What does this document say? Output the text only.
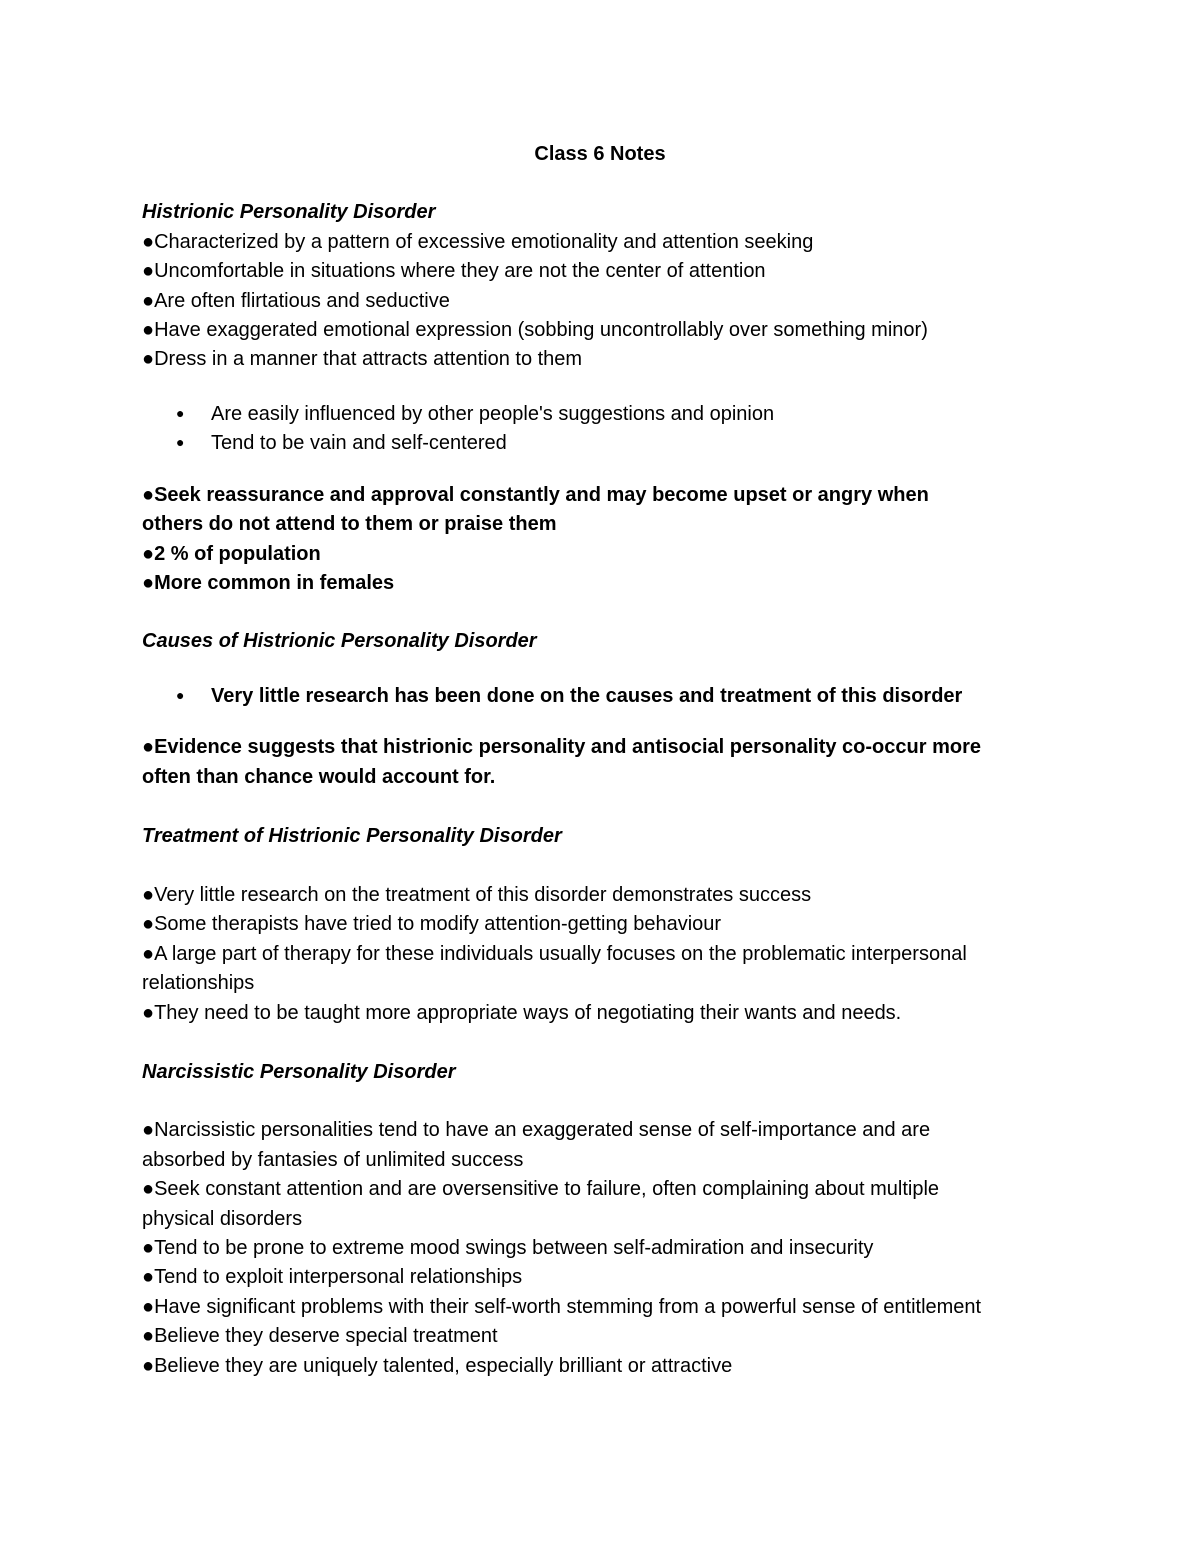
Class 6 Notes
Histrionic Personality Disorder
●Characterized by a pattern of excessive emotionality and attention seeking
●Uncomfortable in situations where they are not the center of attention
●Are often flirtatious and seductive
●Have exaggerated emotional expression (sobbing uncontrollably over something minor)
●Dress in a manner that attracts attention to them
● Are easily influenced by other people's suggestions and opinion
● Tend to be vain and self-centered
●Seek reassurance and approval constantly and may become upset or angry when
others do not attend to them or praise them
●2 % of population
●More common in females
Causes of Histrionic Personality Disorder
● Very little research has been done on the causes and treatment of this disorder
●Evidence suggests that histrionic personality and antisocial personality co-occur more
often than chance would account for.
Treatment of Histrionic Personality Disorder
●Very little research on the treatment of this disorder demonstrates success
●Some therapists have tried to modify attention-getting behaviour
●A large part of therapy for these individuals usually focuses on the problematic interpersonal
relationships
●They need to be taught more appropriate ways of negotiating their wants and needs.
Narcissistic Personality Disorder
●Narcissistic personalities tend to have an exaggerated sense of self-importance and are
absorbed by fantasies of unlimited success
●Seek constant attention and are oversensitive to failure, often complaining about multiple
physical disorders
●Tend to be prone to extreme mood swings between self-admiration and insecurity
●Tend to exploit interpersonal relationships
●Have significant problems with their self-worth stemming from a powerful sense of entitlement
●Believe they deserve special treatment
●Believe they are uniquely talented, especially brilliant or attractive
